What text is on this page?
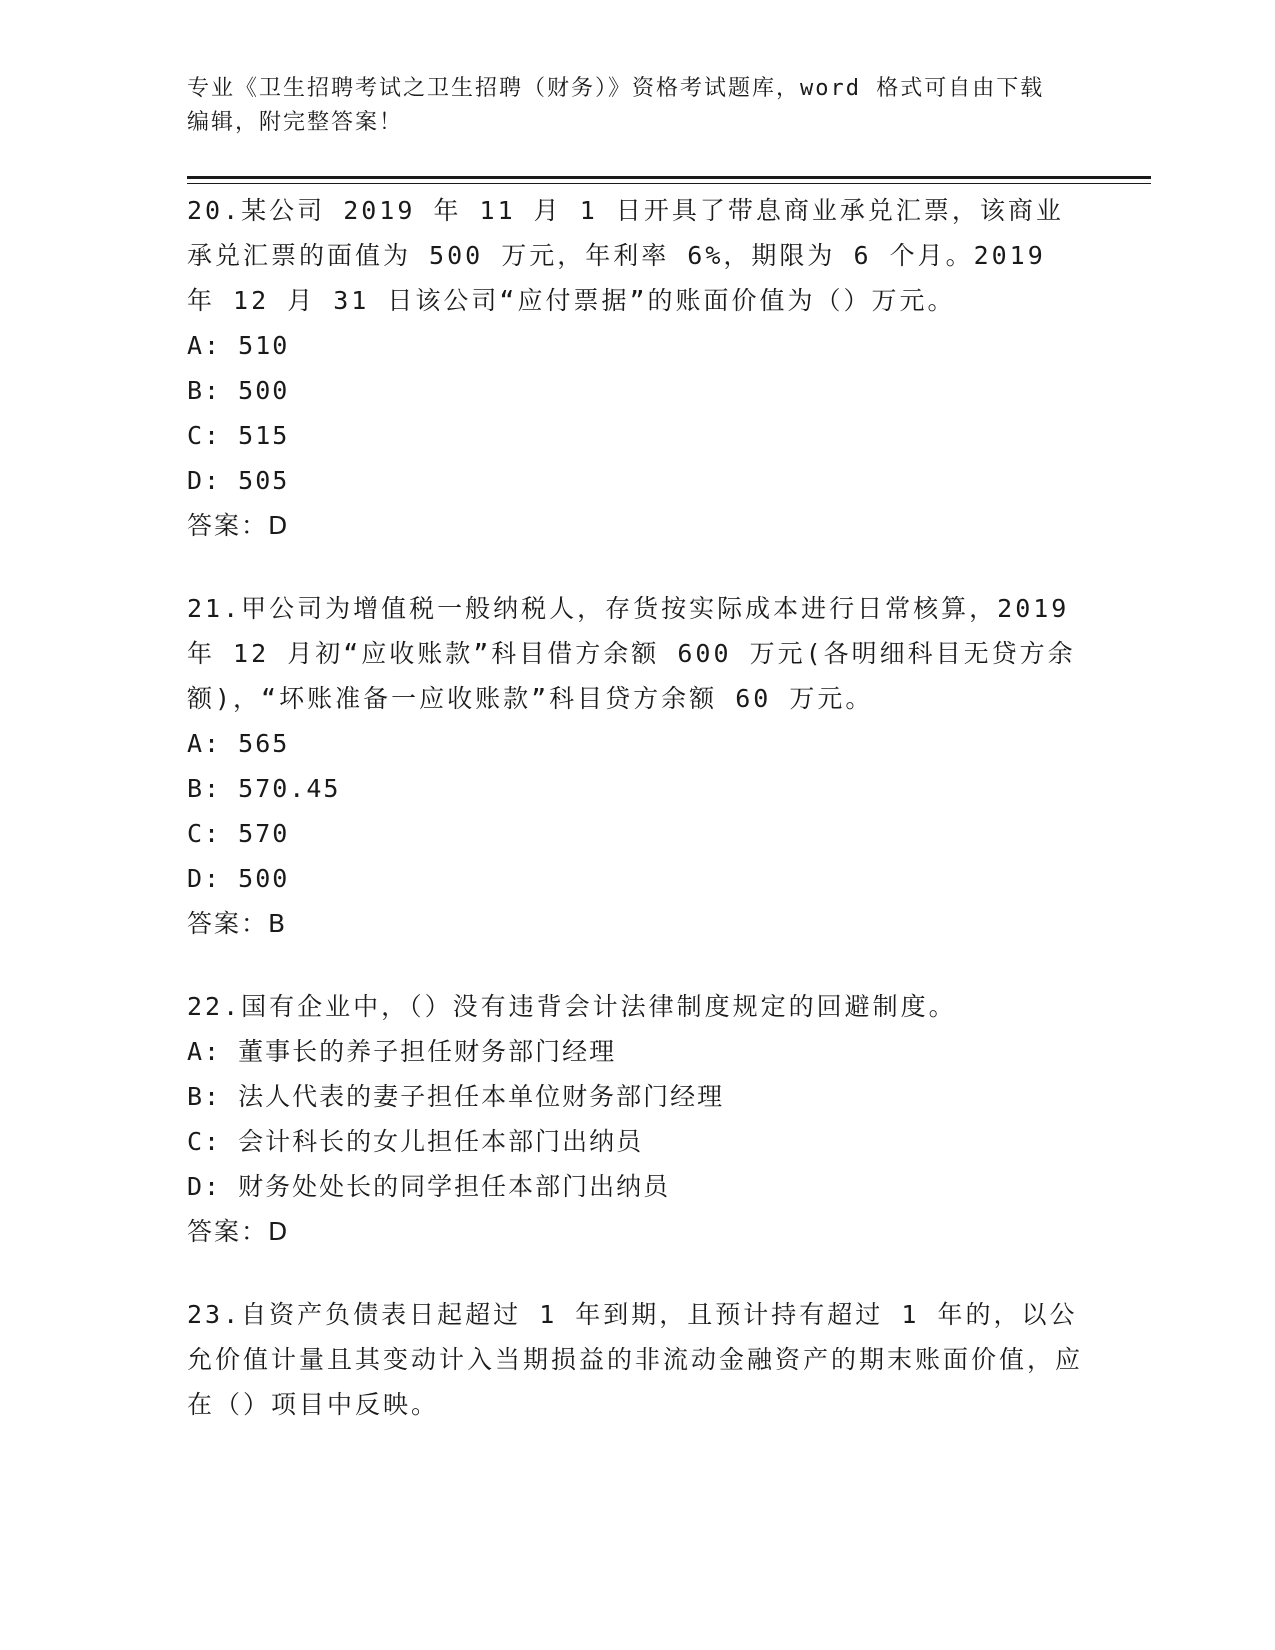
专业《卫生招聘考试之卫生招聘（财务）》资格考试题库，word 格式可自由下载编辑，附完整答案！

20.某公司 2019 年 11 月 1 日开具了带息商业承兑汇票，该商业承兑汇票的面值为 500 万元，年利率 6%，期限为 6 个月。2019 年 12 月 31 日该公司“应付票据”的账面价值为（）万元。

A: 510

B: 500

C: 515

D: 505

答案：D

21.甲公司为增值税一般纳税人，存货按实际成本进行日常核算，2019 年 12 月初“应收账款”科目借方余额 600 万元(各明细科目无贷方余额)，“坏账准备一应收账款”科目贷方余额 60 万元。

A: 565

B: 570.45

C: 570

D: 500

答案：B

22.国有企业中，（）没有违背会计法律制度规定的回避制度。

A: 董事长的养子担任财务部门经理

B: 法人代表的妻子担任本单位财务部门经理

C: 会计科长的女儿担任本部门出纳员

D: 财务处处长的同学担任本部门出纳员

答案：D

23.自资产负债表日起超过 1 年到期，且预计持有超过 1 年的，以公允价值计量且其变动计入当期损益的非流动金融资产的期末账面价值，应在（）项目中反映。
